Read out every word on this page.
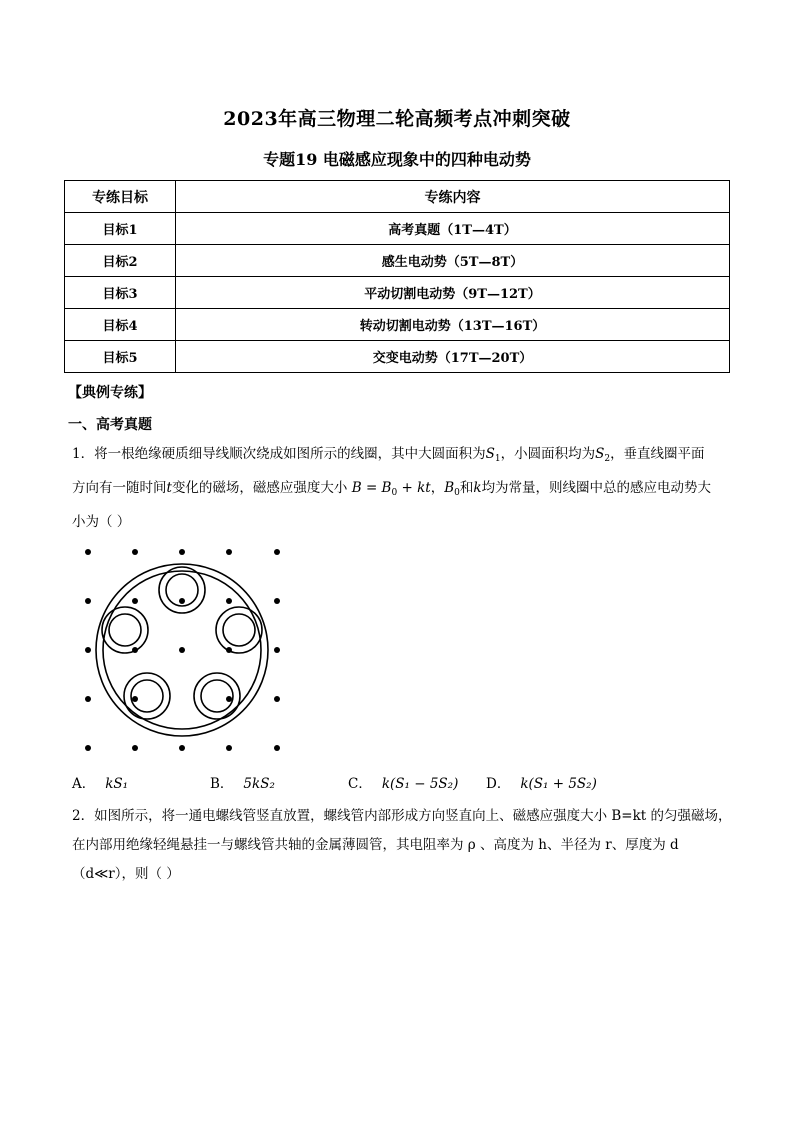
2023年高三物理二轮高频考点冲刺突破
专题19 电磁感应现象中的四种电动势
专练目标	专练内容
目标1	高考真题（1T—4T）
目标2	感生电动势（5T—8T）
目标3	平动切割电动势（9T—12T）
目标4	转动切割电动势（13T—16T）
目标5	交变电动势（17T—20T）
【典例专练】
一、高考真题
1．将一根绝缘硬质细导线顺次绕成如图所示的线圈，其中大圆面积为$S_1$，小圆面积均为$S_2$，垂直线圈平面
方向有一随时间t变化的磁场，磁感应强度大小 $B = B_0$ + kt，$B_0$和k均为常量，则线圈中总的感应电动势大
小为（ ）
A． kS₁	B． 5kS₂	C． k(S₁ − 5S₂) D． k(S₁ + 5S₂)
2．如图所示，将一通电螺线管竖直放置，螺线管内部形成方向竖直向上、磁感应强度大小 B=kt 的匀强磁场，
在内部用绝缘轻绳悬挂一与螺线管共轴的金属薄圆管，其电阻率为 ρ 、高度为 h、半径为 r、厚度为 d
（d≪r），则（ ）
